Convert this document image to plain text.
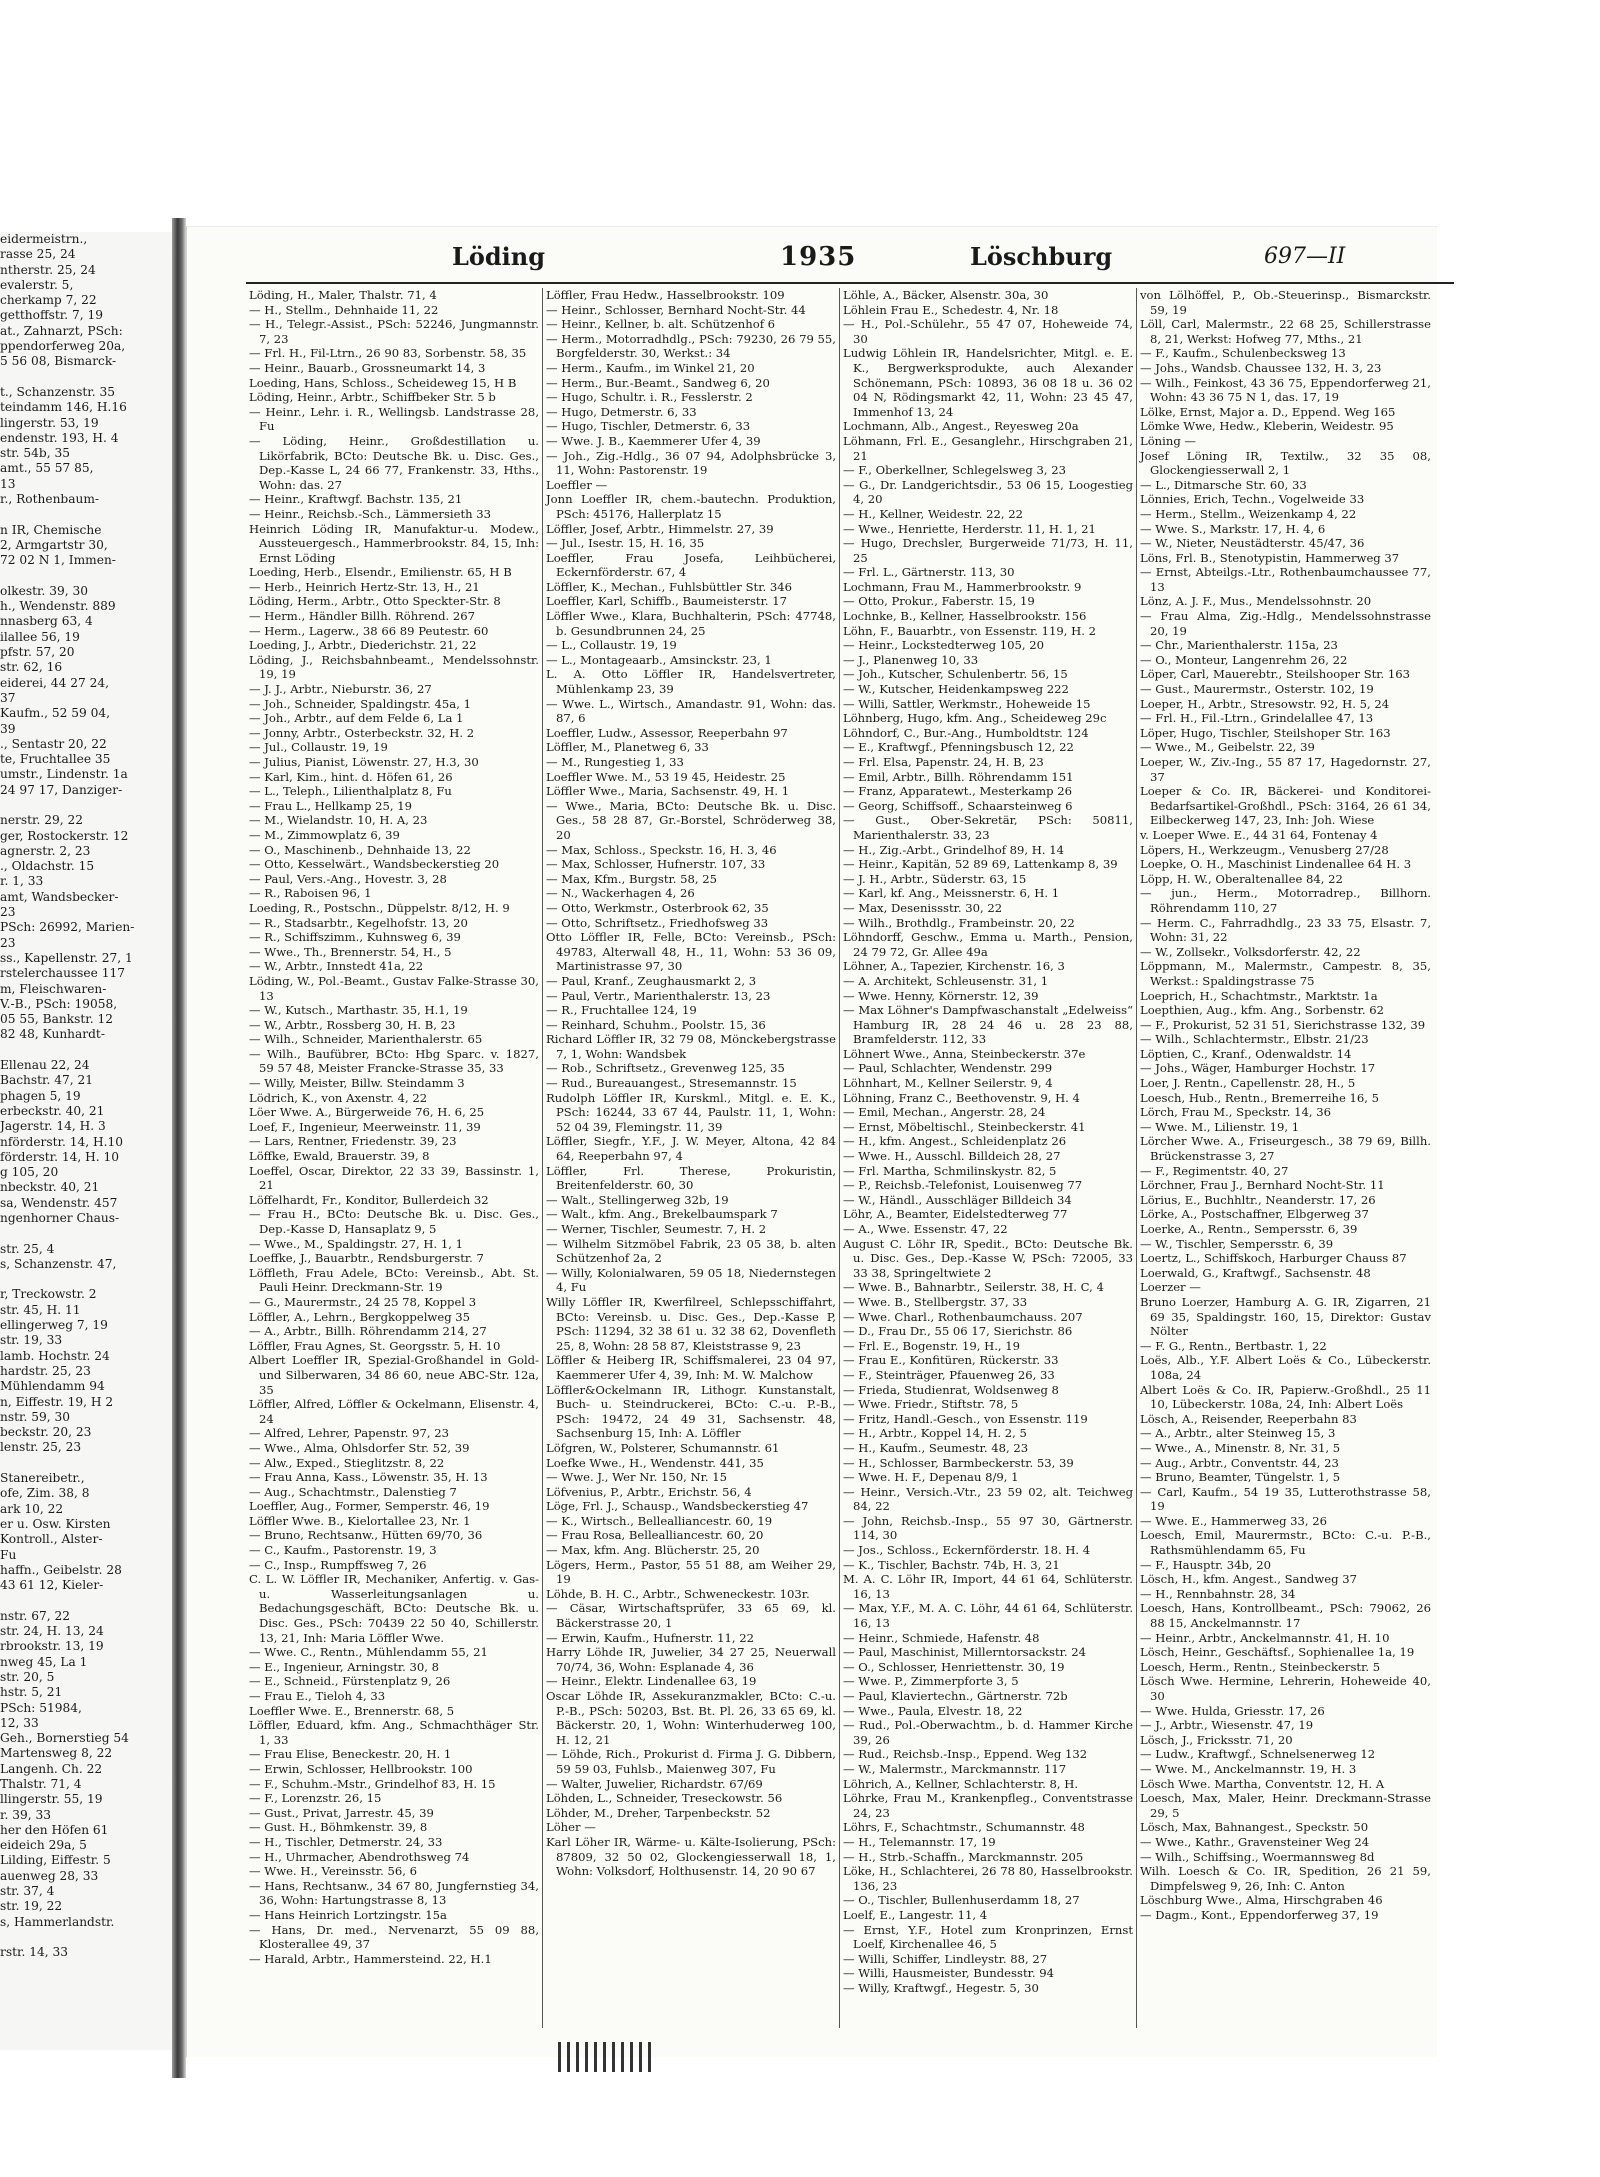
eidermeistrn.,
rasse 25, 24
ntherstr. 25, 24
evalerstr. 5,
cherkamp 7, 22
getthoffstr. 7, 19
at., Zahnarzt, PSch:
ppendorferweg 20a,
5 56 08, Bismarck-

t., Schanzenstr. 35
teindamm 146, H.16
lingerstr. 53, 19
endenstr. 193, H. 4
str. 54b, 35
amt., 55 57 85,
13
r., Rothenbaum-

n IR, Chemische
2, Armgartstr 30,
72 02 N 1, Immen-

olkestr. 39, 30
h., Wendenstr. 889
nnasberg 63, 4
ilallee 56, 19
pfstr. 57, 20
str. 62, 16
eiderei, 44 27 24,
37
Kaufm., 52 59 04,
39
., Sentastr 20, 22
te, Fruchtallee 35
umstr., Lindenstr. 1a
24 97 17, Danziger-

nerstr. 29, 22
ger, Rostockerstr. 12
agnerstr. 2, 23
., Oldachstr. 15
r. 1, 33
amt, Wandsbecker-
23
PSch: 26992, Marien-
23
ss., Kapellenstr. 27, 1
rstelerchaussee 117
m, Fleischwaren-
V.-B., PSch: 19058,
05 55, Bankstr. 12
82 48, Kunhardt-

Ellenau 22, 24
Bachstr. 47, 21
phagen 5, 19
erbeckstr. 40, 21
Jagerstr. 14, H. 3
nförderstr. 14, H.10
förderstr. 14, H. 10
g 105, 20
nbeckstr. 40, 21
sa, Wendenstr. 457
ngenhorner Chaus-

str. 25, 4
s, Schanzenstr. 47,

r, Treckowstr. 2
str. 45, H. 11
ellingerweg 7, 19
str. 19, 33
lamb. Hochstr. 24
hardstr. 25, 23
Mühlendamm 94
n, Eiffestr. 19, H 2
nstr. 59, 30
beckstr. 20, 23
lenstr. 25, 23

Stanereibetr.,
ofe, Zim. 38, 8
ark 10, 22
er u. Osw. Kirsten
Kontroll., Alster-
Fu
haffn., Geibelstr. 28
43 61 12, Kieler-

nstr. 67, 22
str. 24, H. 13, 24
rbrookstr. 13, 19
nweg 45, La 1
str. 20, 5
hstr. 5, 21
PSch: 51984,
12, 33
Geh., Bornerstieg 54
Martensweg 8, 22
Langenh. Ch. 22
Thalstr. 71, 4
llingerstr. 55, 19
r. 39, 33
her den Höfen 61
eideich 29a, 5
Lilding, Eiffestr. 5
auenweg 28, 33
str. 37, 4
str. 19, 22
s, Hammerlandstr.

rstr. 14, 33
Löding	1935	Löschburg	697—II
Löding, H., Maler, Thalstr. 71, 4
— H., Stellm., Dehnhaide 11, 22
— H., Telegr.-Assist., PSch: 52246, Jungmannstr. 7, 23
— Frl. H., Fil-Ltrn., 26 90 83, Sorbenstr. 58, 35
— Heinr., Bauarb., Grossneumarkt 14, 3
Loeding, Hans, Schloss., Scheideweg 15, H B
Löding, Heinr., Arbtr., Schiffbeker Str. 5 b
— Heinr., Lehr. i. R., Wellingsb. Landstrasse 28, Fu
— Löding, Heinr., Großdestillation u. Likörfabrik, BCto: Deutsche Bk. u. Disc. Ges., Dep.-Kasse L, 24 66 77, Frankenstr. 33, Hths., Wohn: das. 27
— Heinr., Kraftwgf. Bachstr. 135, 21
— Heinr., Reichsb.-Sch., Lämmersieth 33
Heinrich Löding IR, Manufaktur-u. Modew., Aussteuergesch., Hammerbrookstr. 84, 15, Inh: Ernst Löding
Loeding, Herb., Elsendr., Emilienstr. 65, H B
— Herb., Heinrich Hertz-Str. 13, H., 21
Löding, Herm., Arbtr., Otto Speckter-Str. 8
— Herm., Händler Billh. Röhrend. 267
— Herm., Lagerw., 38 66 89 Peutestr. 60
Loeding, J., Arbtr., Diederichstr. 21, 22
Löding, J., Reichsbahnbeamt., Mendelssohnstr. 19, 19
— J. J., Arbtr., Nieburstr. 36, 27
— Joh., Schneider, Spaldingstr. 45a, 1
— Joh., Arbtr., auf dem Felde 6, La 1
— Jonny, Arbtr., Osterbeckstr. 32, H. 2
— Jul., Collaustr. 19, 19
— Julius, Pianist, Löwenstr. 27, H.3, 30
— Karl, Kim., hint. d. Höfen 61, 26
— L., Teleph., Lilienthalplatz 8, Fu
— Frau L., Hellkamp 25, 19
— M., Wielandstr. 10, H. A, 23
— M., Zimmowplatz 6, 39
— O., Maschinenb., Dehnhaide 13, 22
— Otto, Kesselwärt., Wandsbeckerstieg 20
— Paul, Vers.-Ang., Hovestr. 3, 28
— R., Raboisen 96, 1
Loeding, R., Postschn., Düppelstr. 8/12, H. 9
— R., Stadsarbtr., Kegelhofstr. 13, 20
— R., Schiffszimm., Kuhnsweg 6, 39
— Wwe., Th., Brennerstr. 54, H., 5
— W., Arbtr., Innstedt 41a, 22
Löding, W., Pol.-Beamt., Gustav Falke-Strasse 30, 13
— W., Kutsch., Marthastr. 35, H.1, 19
— W., Arbtr., Rossberg 30, H. B, 23
— Wilh., Schneider, Marienthalerstr. 65
— Wilh., Baufübrer, BCto: Hbg Sparc. v. 1827, 59 57 48, Meister Francke-Strasse 35, 33
— Willy, Meister, Billw. Steindamm 3
Lödrich, K., von Axenstr. 4, 22
Löer Wwe. A., Bürgerweide 76, H. 6, 25
Loef, F., Ingenieur, Meerweinstr. 11, 39
— Lars, Rentner, Friedenstr. 39, 23
Löffke, Ewald, Brauerstr. 39, 8
Loeffel, Oscar, Direktor, 22 33 39, Bassinstr. 1, 21
Löffelhardt, Fr., Konditor, Bullerdeich 32
— Frau H., BCto: Deutsche Bk. u. Disc. Ges., Dep.-Kasse D, Hansaplatz 9, 5
— Wwe., M., Spaldingstr. 27, H. 1, 1
Loeffke, J., Bauarbtr., Rendsburgerstr. 7
Löffleth, Frau Adele, BCto: Vereinsb., Abt. St. Pauli Heinr. Dreckmann-Str. 19
— G., Maurermstr., 24 25 78, Koppel 3
Löffler, A., Lehrn., Bergkoppelweg 35
— A., Arbtr., Billh. Röhrendamm 214, 27
Löffler, Frau Agnes, St. Georgsstr. 5, H. 10
Albert Loeffler IR, Spezial-Großhandel in Gold- und Silberwaren, 34 86 60, neue ABC-Str. 12a, 35
Löffler, Alfred, Löffler & Ockelmann, Elisenstr. 4, 24
— Alfred, Lehrer, Papenstr. 97, 23
— Wwe., Alma, Ohlsdorfer Str. 52, 39
— Alw., Exped., Stieglitzstr. 8, 22
— Frau Anna, Kass., Löwenstr. 35, H. 13
— Aug., Schachtmstr., Dalenstieg 7
Loeffler, Aug., Former, Semperstr. 46, 19
Löffler Wwe. B., Kielortallee 23, Nr. 1
— Bruno, Rechtsanw., Hütten 69/70, 36
— C., Kaufm., Pastorenstr. 19, 3
— C., Insp., Rumpffsweg 7, 26
C. L. W. Löffler IR, Mechaniker, Anfertig. v. Gas- u. Wasserleitungsanlagen u. Bedachungsgeschäft, BCto: Deutsche Bk. u. Disc. Ges., PSch: 70439 22 50 40, Schillerstr. 13, 21, Inh: Maria Löffler Wwe.
— Wwe. C., Rentn., Mühlendamm 55, 21
— E., Ingenieur, Arningstr. 30, 8
— E., Schneid., Fürstenplatz 9, 26
— Frau E., Tieloh 4, 33
Loeffler Wwe. E., Brennerstr. 68, 5
Löffler, Eduard, kfm. Ang., Schmachthäger Str. 1, 33
— Frau Elise, Beneckestr. 20, H. 1
— Erwin, Schlosser, Hellbrookstr. 100
— F., Schuhm.-Mstr., Grindelhof 83, H. 15
— F., Lorenzstr. 26, 15
— Gust., Privat, Jarrestr. 45, 39
— Gust. H., Böhmkenstr. 39, 8
— H., Tischler, Detmerstr. 24, 33
— H., Uhrmacher, Abendrothsweg 74
— Wwe. H., Vereinsstr. 56, 6
— Hans, Rechtsanw., 34 67 80, Jungfernstieg 34, 36, Wohn: Hartungstrasse 8, 13
— Hans Heinrich Lortzingstr. 15a
— Hans, Dr. med., Nervenarzt, 55 09 88, Klosterallee 49, 37
— Harald, Arbtr., Hammersteind. 22, H.1
Löffler, Frau Hedw., Hasselbrookstr. 109
— Heinr., Schlosser, Bernhard Nocht-Str. 44
— Heinr., Kellner, b. alt. Schützenhof 6
— Herm., Motorradhdlg., PSch: 79230, 26 79 55, Borgfelderstr. 30, Werkst.: 34
— Herm., Kaufm., im Winkel 21, 20
— Herm., Bur.-Beamt., Sandweg 6, 20
— Hugo, Schultr. i. R., Fesslerstr. 2
— Hugo, Detmerstr. 6, 33
— Hugo, Tischler, Detmerstr. 6, 33
— Wwe. J. B., Kaemmerer Ufer 4, 39
— Joh., Zig.-Hdlg., 36 07 94, Adolphsbrücke 3, 11, Wohn: Pastorenstr. 19
Loeffler —
Jonn Loeffler IR, chem.-bautechn. Produktion, PSch: 45176, Hallerplatz 15
Löffler, Josef, Arbtr., Himmelstr. 27, 39
— Jul., Isestr. 15, H. 16, 35
Loeffler, Frau Josefa, Leihbücherei, Eckernförderstr. 67, 4
Löffler, K., Mechan., Fuhlsbüttler Str. 346
Loeffler, Karl, Schiffb., Baumeisterstr. 17
Löffler Wwe., Klara, Buchhalterin, PSch: 47748, b. Gesundbrunnen 24, 25
— L., Collaustr. 19, 19
— L., Montageaarb., Amsinckstr. 23, 1
L. A. Otto Löffler IR, Handelsvertreter, Mühlenkamp 23, 39
— Wwe. L., Wirtsch., Amandastr. 91, Wohn: das. 87, 6
Loeffler, Ludw., Assessor, Reeperbahn 97
Löffler, M., Planetweg 6, 33
— M., Rungestieg 1, 33
Loeffler Wwe. M., 53 19 45, Heidestr. 25
Löffler Wwe., Maria, Sachsenstr. 49, H. 1
— Wwe., Maria, BCto: Deutsche Bk. u. Disc. Ges., 58 28 87, Gr.-Borstel, Schröderweg 38, 20
— Max, Schloss., Speckstr. 16, H. 3, 46
— Max, Schlosser, Hufnerstr. 107, 33
— Max, Kfm., Burgstr. 58, 25
— N., Wackerhagen 4, 26
— Otto, Werkmstr., Osterbrook 62, 35
— Otto, Schriftsetz., Friedhofsweg 33
Otto Löffler IR, Felle, BCto: Vereinsb., PSch: 49783, Alterwall 48, H., 11, Wohn: 53 36 09, Martinistrasse 97, 30
— Paul, Kranf., Zeughausmarkt 2, 3
— Paul, Vertr., Marienthalerstr. 13, 23
— R., Fruchtallee 124, 19
— Reinhard, Schuhm., Poolstr. 15, 36
Richard Löffler IR, 32 79 08, Mönckebergstrasse 7, 1, Wohn: Wandsbek
— Rob., Schriftsetz., Grevenweg 125, 35
— Rud., Bureauangest., Stresemannstr. 15
Rudolph Löffler IR, Kurskml., Mitgl. e. E. K., PSch: 16244, 33 67 44, Paulstr. 11, 1, Wohn: 52 04 39, Flemingstr. 11, 39
Löffler, Siegfr., Y.F., J. W. Meyer, Altona, 42 84 64, Reeperbahn 97, 4
Löffler, Frl. Therese, Prokuristin, Breitenfelderstr. 60, 30
— Walt., Stellingerweg 32b, 19
— Walt., kfm. Ang., Brekelbaumspark 7
— Werner, Tischler, Seumestr. 7, H. 2
— Wilhelm Sitzmöbel Fabrik, 23 05 38, b. alten Schützenhof 2a, 2
— Willy, Kolonialwaren, 59 05 18, Niedernstegen 4, Fu
Willy Löffler IR, Kwerfilreel, Schlepsschiffahrt, BCto: Vereinsb. u. Disc. Ges., Dep.-Kasse P, PSch: 11294, 32 38 61 u. 32 38 62, Dovenfleth 25, 8, Wohn: 28 58 87, Kleiststrasse 9, 23
Löffler & Heiberg IR, Schiffsmalerei, 23 04 97, Kaemmerer Ufer 4, 39, Inh: M. W. Malchow
Löffler&Ockelmann IR, Lithogr. Kunstanstalt, Buch- u. Steindruckerei, BCto: C.-u. P.-B., PSch: 19472, 24 49 31, Sachsenstr. 48, Sachsenburg 15, Inh: A. Löffler
Löfgren, W., Polsterer, Schumannstr. 61
Loefke Wwe., H., Wendenstr. 441, 35
— Wwe. J., Wer Nr. 150, Nr. 15
Löfvenius, P., Arbtr., Erichstr. 56, 4
Löge, Frl. J., Schausp., Wandsbeckerstieg 47
— K., Wirtsch., Bellealliancestr. 60, 19
— Frau Rosa, Bellealliancestr. 60, 20
— Max, kfm. Ang. Blücherstr. 25, 20
Lögers, Herm., Pastor, 55 51 88, am Weiher 29, 19
Löhde, B. H. C., Arbtr., Schweneckestr. 103r.
— Cäsar, Wirtschaftsprüfer, 33 65 69, kl. Bäckerstrasse 20, 1
— Erwin, Kaufm., Hufnerstr. 11, 22
Harry Löhde IR, Juwelier, 34 27 25, Neuerwall 70/74, 36, Wohn: Esplanade 4, 36
— Heinr., Elektr. Lindenallee 63, 19
Oscar Löhde IR, Assekuranzmakler, BCto: C.-u. P.-B., PSch: 50203, Bst. Bt. Pl. 26, 33 65 69, kl. Bäckerstr. 20, 1, Wohn: Winterhuderweg 100, H. 12, 21
— Löhde, Rich., Prokurist d. Firma J. G. Dibbern, 59 59 03, Fuhlsb., Maienweg 307, Fu
— Walter, Juwelier, Richardstr. 67/69
Löhden, L., Schneider, Treseckowstr. 56
Löhder, M., Dreher, Tarpenbeckstr. 52
Löher —
Karl Löher IR, Wärme- u. Kälte-Isolierung, PSch: 87809, 32 50 02, Glockengiesserwall 18, 1, Wohn: Volksdorf, Holthusenstr. 14, 20 90 67
Löhle, A., Bäcker, Alsenstr. 30a, 30
Löhlein Frau E., Schedestr. 4, Nr. 18
— H., Pol.-Schülehr., 55 47 07, Hoheweide 74, 30
Ludwig Löhlein IR, Handelsrichter, Mitgl. e. E. K., Bergwerksprodukte, auch Alexander Schönemann, PSch: 10893, 36 08 18 u. 36 02 04 N, Rödingsmarkt 42, 11, Wohn: 23 45 47, Immenhof 13, 24
Lochmann, Alb., Angest., Reyesweg 20a
Löhmann, Frl. E., Gesanglehr., Hirschgraben 21, 21
— F., Oberkellner, Schlegelsweg 3, 23
— G., Dr. Landgerichtsdir., 53 06 15, Loogestieg 4, 20
— H., Kellner, Weidestr. 22, 22
— Wwe., Henriette, Herderstr. 11, H. 1, 21
— Hugo, Drechsler, Burgerweide 71/73, H. 11, 25
— Frl. L., Gärtnerstr. 113, 30
Lochmann, Frau M., Hammerbrookstr. 9
— Otto, Prokur., Faberstr. 15, 19
Lochnke, B., Kellner, Hasselbrookstr. 156
Löhn, F., Bauarbtr., von Essenstr. 119, H. 2
— Heinr., Lockstedterweg 105, 20
— J., Planenweg 10, 33
— Joh., Kutscher, Schulenbertr. 56, 15
— W., Kutscher, Heidenkampsweg 222
— Willi, Sattler, Werkmstr., Hoheweide 15
Löhnberg, Hugo, kfm. Ang., Scheideweg 29c
Löhndorf, C., Bur.-Ang., Humboldtstr. 124
— E., Kraftwgf., Pfenningsbusch 12, 22
— Frl. Elsa, Papenstr. 24, H. B, 23
— Emil, Arbtr., Billh. Röhrendamm 151
— Franz, Apparatewt., Mesterkamp 26
— Georg, Schiffsoff., Schaarsteinweg 6
— Gust., Ober-Sekretär, PSch: 50811, Marienthalerstr. 33, 23
— H., Zig.-Arbt., Grindelhof 89, H. 14
— Heinr., Kapitän, 52 89 69, Lattenkamp 8, 39
— J. H., Arbtr., Süderstr. 63, 15
— Karl, kf. Ang., Meissnerstr. 6, H. 1
— Max, Desenissstr. 30, 22
— Wilh., Brothdlg., Frambeinstr. 20, 22
Löhndorff, Geschw., Emma u. Marth., Pension, 24 79 72, Gr. Allee 49a
Löhner, A., Tapezier, Kirchenstr. 16, 3
— A. Architekt, Schleusenstr. 31, 1
— Wwe. Henny, Körnerstr. 12, 39
— Max Löhner's Dampfwaschanstalt „Edelweiss“ Hamburg IR, 28 24 46 u. 28 23 88, Bramfelderstr. 112, 33
Löhnert Wwe., Anna, Steinbeckerstr. 37e
— Paul, Schlachter, Wendenstr. 299
Löhnhart, M., Kellner Seilerstr. 9, 4
Löhning, Franz C., Beethovenstr. 9, H. 4
— Emil, Mechan., Angerstr. 28, 24
— Ernst, Möbeltischl., Steinbeckerstr. 41
— H., kfm. Angest., Schleidenplatz 26
— Wwe. H., Ausschl. Billdeich 28, 27
— Frl. Martha, Schmilinskystr. 82, 5
— P., Reichsb.-Telefonist, Louisenweg 77
— W., Händl., Ausschläger Billdeich 34
Löhr, A., Beamter, Eidelstedterweg 77
— A., Wwe. Essenstr. 47, 22
August C. Löhr IR, Spedit., BCto: Deutsche Bk. u. Disc. Ges., Dep.-Kasse W, PSch: 72005, 33 33 38, Springeltwiete 2
— Wwe. B., Bahnarbtr., Seilerstr. 38, H. C, 4
— Wwe. B., Stellbergstr. 37, 33
— Wwe. Charl., Rothenbaumchauss. 207
— D., Frau Dr., 55 06 17, Sierichstr. 86
— Frl. E., Bogenstr. 19, H., 19
— Frau E., Konfitüren, Rückerstr. 33
— F., Steinträger, Pfauenweg 26, 33
— Frieda, Studienrat, Woldsenweg 8
— Wwe. Friedr., Stiftstr. 78, 5
— Fritz, Handl.-Gesch., von Essenstr. 119
— H., Arbtr., Koppel 14, H. 2, 5
— H., Kaufm., Seumestr. 48, 23
— H., Schlosser, Barmbeckerstr. 53, 39
— Wwe. H. F., Depenau 8/9, 1
— Heinr., Versich.-Vtr., 23 59 02, alt. Teichweg 84, 22
— John, Reichsb.-Insp., 55 97 30, Gärtnerstr. 114, 30
— Jos., Schloss., Eckernförderstr. 18. H. 4
— K., Tischler, Bachstr. 74b, H. 3, 21
M. A. C. Löhr IR, Import, 44 61 64, Schlüterstr. 16, 13
— Max, Y.F., M. A. C. Löhr, 44 61 64, Schlüterstr. 16, 13
— Heinr., Schmiede, Hafenstr. 48
— Paul, Maschinist, Millerntorsackstr. 24
— O., Schlosser, Henriettenstr. 30, 19
— Wwe. P., Zimmerpforte 3, 5
— Paul, Klaviertechn., Gärtnerstr. 72b
— Wwe., Paula, Elvestr. 18, 22
— Rud., Pol.-Oberwachtm., b. d. Hammer Kirche 39, 26
— Rud., Reichsb.-Insp., Eppend. Weg 132
— W., Malermstr., Marckmannstr. 117
Löhrich, A., Kellner, Schlachterstr. 8, H.
Löhrke, Frau M., Krankenpfleg., Conventstrasse 24, 23
Löhrs, F., Schachtmstr., Schumannstr. 48
— H., Telemannstr. 17, 19
— H., Strb.-Schaffn., Marckmannstr. 205
Löke, H., Schlachterei, 26 78 80, Hasselbrookstr. 136, 23
— O., Tischler, Bullenhuserdamm 18, 27
Loelf, E., Langestr. 11, 4
— Ernst, Y.F., Hotel zum Kronprinzen, Ernst Loelf, Kirchenallee 46, 5
— Willi, Schiffer, Lindleystr. 88, 27
— Willi, Hausmeister, Bundesstr. 94
— Willy, Kraftwgf., Hegestr. 5, 30
von Lölhöffel, P., Ob.-Steuerinsp., Bismarckstr. 59, 19
Löll, Carl, Malermstr., 22 68 25, Schillerstrasse 8, 21, Werkst: Hofweg 77, Mths., 21
— F., Kaufm., Schulenbecksweg 13
— Johs., Wandsb. Chaussee 132, H. 3, 23
— Wilh., Feinkost, 43 36 75, Eppendorferweg 21, Wohn: 43 36 75 N 1, das. 17, 19
Lölke, Ernst, Major a. D., Eppend. Weg 165
Lömke Wwe, Hedw., Kleberin, Weidestr. 95
Löning —
Josef Löning IR, Textilw., 32 35 08, Glockengiesserwall 2, 1
— L., Ditmarsche Str. 60, 33
Lönnies, Erich, Techn., Vogelweide 33
— Herm., Stellm., Weizenkamp 4, 22
— Wwe. S., Markstr. 17, H. 4, 6
— W., Nieter, Neustädterstr. 45/47, 36
Löns, Frl. B., Stenotypistin, Hammerweg 37
— Ernst, Abteilgs.-Ltr., Rothenbaumchaussee 77, 13
Lönz, A. J. F., Mus., Mendelssohnstr. 20
— Frau Alma, Zig.-Hdlg., Mendelssohnstrasse 20, 19
— Chr., Marienthalerstr. 115a, 23
— O., Monteur, Langenrehm 26, 22
Löper, Carl, Mauerebtr., Steilshooper Str. 163
— Gust., Maurermstr., Osterstr. 102, 19
Loeper, H., Arbtr., Stresowstr. 92, H. 5, 24
— Frl. H., Fil.-Ltrn., Grindelallee 47, 13
Löper, Hugo, Tischler, Steilshoper Str. 163
— Wwe., M., Geibelstr. 22, 39
Loeper, W., Ziv.-Ing., 55 87 17, Hagedornstr. 27, 37
Loeper & Co. IR, Bäckerei- und Konditorei-Bedarfsartikel-Großhdl., PSch: 3164, 26 61 34, Eilbeckerweg 147, 23, Inh: Joh. Wiese
v. Loeper Wwe. E., 44 31 64, Fontenay 4
Löpers, H., Werkzeugm., Venusberg 27/28
Loepke, O. H., Maschinist Lindenallee 64 H. 3
Löpp, H. W., Oberaltenallee 84, 22
— jun., Herm., Motorradrep., Billhorn. Röhrendamm 110, 27
— Herm. C., Fahrradhdlg., 23 33 75, Elsastr. 7, Wohn: 31, 22
— W., Zollsekr., Volksdorferstr. 42, 22
Löppmann, M., Malermstr., Campestr. 8, 35, Werkst.: Spaldingstrasse 75
Loeprich, H., Schachtmstr., Marktstr. 1a
Loepthien, Aug., kfm. Ang., Sorbenstr. 62
— F., Prokurist, 52 31 51, Sierichstrasse 132, 39
— Wilh., Schlachtermstr., Elbstr. 21/23
Löptien, C., Kranf., Odenwaldstr. 14
— Johs., Wäger, Hamburger Hochstr. 17
Loer, J. Rentn., Capellenstr. 28, H., 5
Loesch, Hub., Rentn., Bremerreihe 16, 5
Lörch, Frau M., Speckstr. 14, 36
— Wwe. M., Lilienstr. 19, 1
Lörcher Wwe. A., Friseurgesch., 38 79 69, Billh. Brückenstrasse 3, 27
— F., Regimentstr. 40, 27
Lörchner, Frau J., Bernhard Nocht-Str. 11
Lörius, E., Buchhltr., Neanderstr. 17, 26
Lörke, A., Postschaffner, Elbgerweg 37
Loerke, A., Rentn., Sempersstr. 6, 39
— W., Tischler, Sempersstr. 6, 39
Loertz, L., Schiffskoch, Harburger Chauss 87
Loerwald, G., Kraftwgf., Sachsenstr. 48
Loerzer —
Bruno Loerzer, Hamburg A. G. IR, Zigarren, 21 69 35, Spaldingstr. 160, 15, Direktor: Gustav Nölter
— F. G., Rentn., Bertbastr. 1, 22
Loës, Alb., Y.F. Albert Loës & Co., Lübeckerstr. 108a, 24
Albert Loës & Co. IR, Papierw.-Großhdl., 25 11 10, Lübeckerstr. 108a, 24, Inh: Albert Loës
Lösch, A., Reisender, Reeperbahn 83
— A., Arbtr., alter Steinweg 15, 3
— Wwe., A., Minenstr. 8, Nr. 31, 5
— Aug., Arbtr., Conventstr. 44, 23
— Bruno, Beamter, Tüngelstr. 1, 5
— Carl, Kaufm., 54 19 35, Lutterothstrasse 58, 19
— Wwe. E., Hammerweg 33, 26
Loesch, Emil, Maurermstr., BCto: C.-u. P.-B., Rathsmühlendamm 65, Fu
— F., Hausptr. 34b, 20
Lösch, H., kfm. Angest., Sandweg 37
— H., Rennbahnstr. 28, 34
Loesch, Hans, Kontrollbeamt., PSch: 79062, 26 88 15, Anckelmannstr. 17
— Heinr., Arbtr., Anckelmannstr. 41, H. 10
Lösch, Heinr., Geschäftsf., Sophienallee 1a, 19
Loesch, Herm., Rentn., Steinbeckerstr. 5
Lösch Wwe. Hermine, Lehrerin, Hoheweide 40, 30
— Wwe. Hulda, Griesstr. 17, 26
— J., Arbtr., Wiesenstr. 47, 19
Lösch, J., Fricksstr. 71, 20
— Ludw., Kraftwgf., Schnelsenerweg 12
— Wwe. M., Anckelmannstr. 19, H. 3
Lösch Wwe. Martha, Conventstr. 12, H. A
Loesch, Max, Maler, Heinr. Dreckmann-Strasse 29, 5
Lösch, Max, Bahnangest., Speckstr. 50
— Wwe., Kathr., Gravensteiner Weg 24
— Wilh., Schiffsing., Woermannsweg 8d
Wilh. Loesch & Co. IR, Spedition, 26 21 59, Dimpfelsweg 9, 26, Inh: C. Anton
Löschburg Wwe., Alma, Hirschgraben 46
— Dagm., Kont., Eppendorferweg 37, 19
